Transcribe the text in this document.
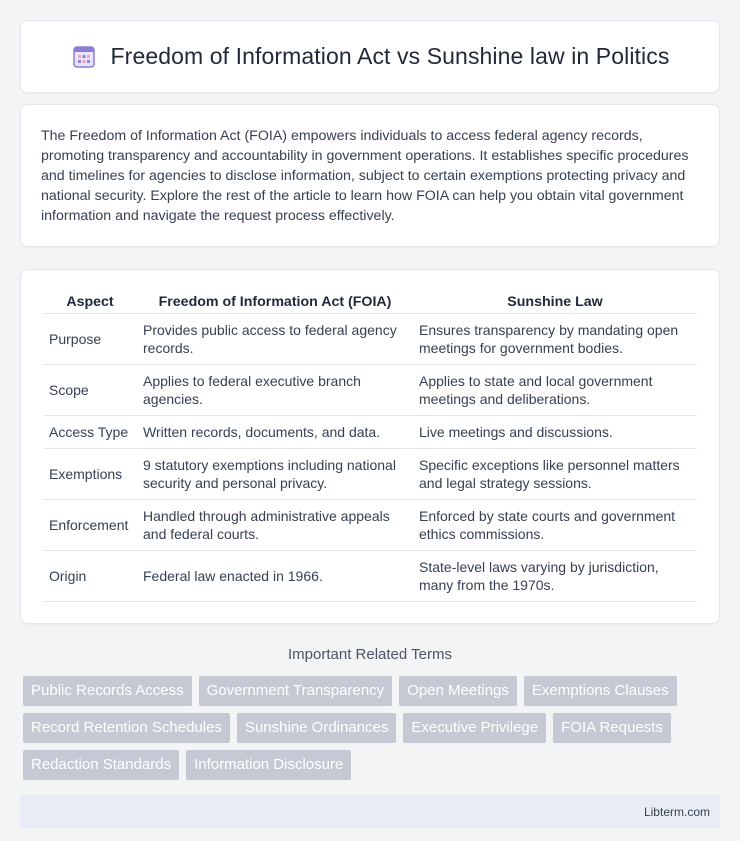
Freedom of Information Act vs Sunshine law in Politics

The Freedom of Information Act (FOIA) empowers individuals to access federal agency records, promoting transparency and accountability in government operations. It establishes specific procedures and timelines for agencies to disclose information, subject to certain exemptions protecting privacy and national security. Explore the rest of the article to learn how FOIA can help you obtain vital government information and navigate the request process effectively.

Aspect	Freedom of Information Act (FOIA)	Sunshine Law
Purpose	Provides public access to federal agency records.	Ensures transparency by mandating open meetings for government bodies.
Scope	Applies to federal executive branch agencies.	Applies to state and local government meetings and deliberations.
Access Type	Written records, documents, and data.	Live meetings and discussions.
Exemptions	9 statutory exemptions including national security and personal privacy.	Specific exceptions like personnel matters and legal strategy sessions.
Enforcement	Handled through administrative appeals and federal courts.	Enforced by state courts and government ethics commissions.
Origin	Federal law enacted in 1966.	State-level laws varying by jurisdiction, many from the 1970s.
Important Related Terms
Public Records Access	Government Transparency	Open Meetings	Exemptions Clauses
Record Retention Schedules	Sunshine Ordinances	Executive Privilege	FOIA Requests
Redaction Standards	Information Disclosure
Libterm.com
